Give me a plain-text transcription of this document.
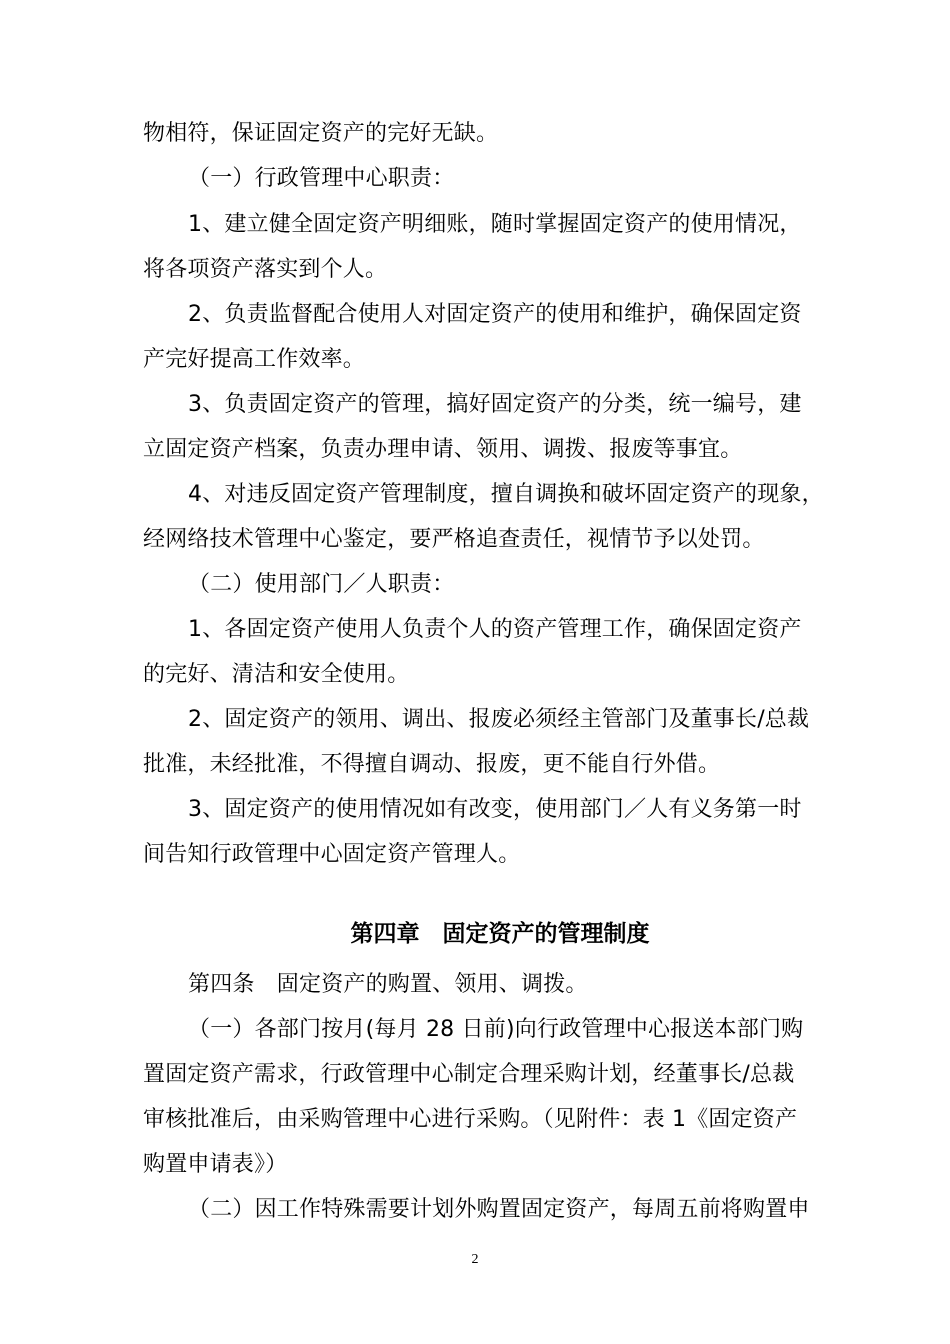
物相符，保证固定资产的完好无缺。
（一）行政管理中心职责：
1、建立健全固定资产明细账，随时掌握固定资产的使用情况，
将各项资产落实到个人。
2、负责监督配合使用人对固定资产的使用和维护，确保固定资
产完好提高工作效率。
3、负责固定资产的管理，搞好固定资产的分类，统一编号，建
立固定资产档案，负责办理申请、领用、调拨、报废等事宜。
4、对违反固定资产管理制度，擅自调换和破坏固定资产的现象，
经网络技术管理中心鉴定，要严格追查责任，视情节予以处罚。
（二）使用部门／人职责：
1、各固定资产使用人负责个人的资产管理工作，确保固定资产
的完好、清洁和安全使用。
2、固定资产的领用、调出、报废必须经主管部门及董事长/总裁
批准，未经批准，不得擅自调动、报废，更不能自行外借。
3、固定资产的使用情况如有改变，使用部门／人有义务第一时
间告知行政管理中心固定资产管理人。
第四章　固定资产的管理制度
第四条　固定资产的购置、领用、调拨。
（一）各部门按月(每月 28 日前)向行政管理中心报送本部门购
置固定资产需求，行政管理中心制定合理采购计划，经董事长/总裁
审核批准后，由采购管理中心进行采购。（见附件：表 1《固定资产
购置申请表》）
（二）因工作特殊需要计划外购置固定资产，每周五前将购置申
2
